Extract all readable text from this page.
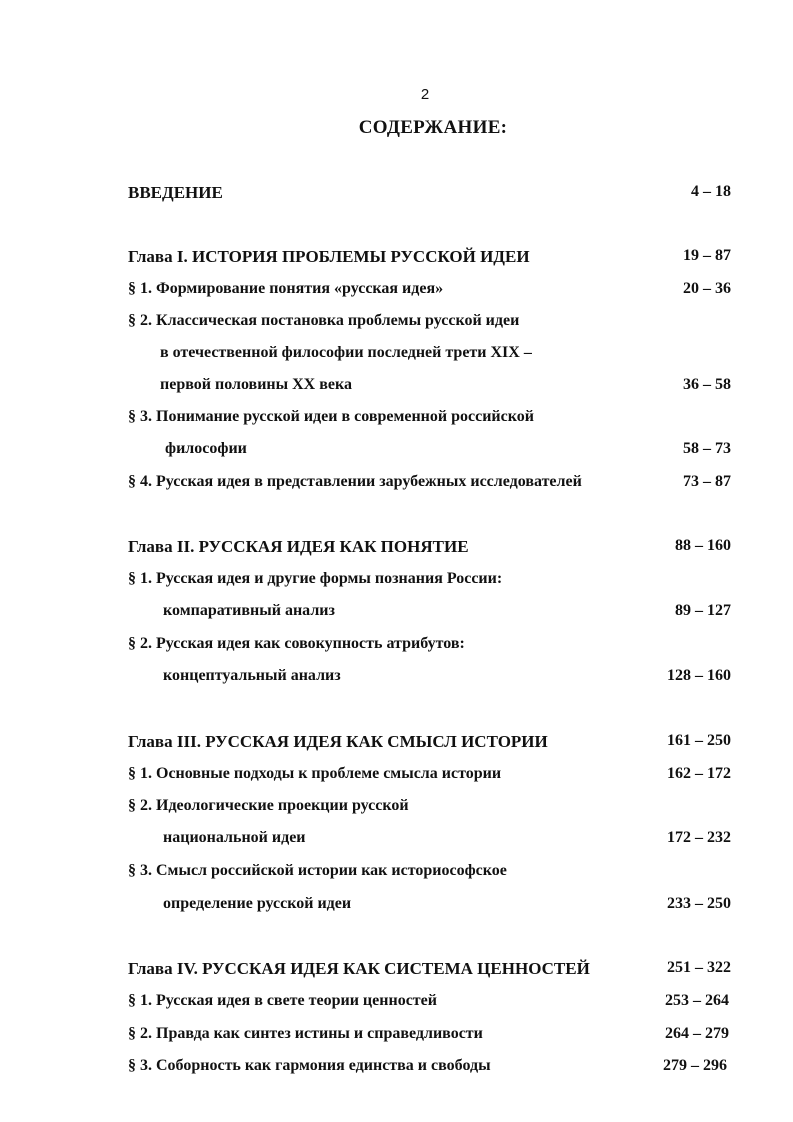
2
СОДЕРЖАНИЕ:
ВВЕДЕНИЕ	4 – 18
Глава I. ИСТОРИЯ ПРОБЛЕМЫ РУССКОЙ ИДЕИ	19 – 87
§ 1. Формирование понятия «русская идея»	20 – 36
§ 2. Классическая постановка проблемы русской идеи
в отечественной философии последней трети XIX –
первой половины XX века	36 – 58
§ 3. Понимание русской идеи в современной российской
философии	58 – 73
§ 4. Русская идея в представлении зарубежных исследователей	73 – 87
Глава II. РУССКАЯ ИДЕЯ КАК ПОНЯТИЕ	88 – 160
§ 1. Русская идея и другие формы познания России:
компаративный анализ	89 – 127
§ 2. Русская идея как совокупность атрибутов:
концептуальный анализ	128 – 160
Глава III. РУССКАЯ ИДЕЯ КАК СМЫСЛ ИСТОРИИ	161 – 250
§ 1. Основные подходы к проблеме смысла истории	162 – 172
§ 2. Идеологические проекции русской
национальной идеи	172 – 232
§ 3. Смысл российской истории как историософское
определение русской идеи	233 – 250
Глава IV. РУССКАЯ ИДЕЯ КАК СИСТЕМА ЦЕННОСТЕЙ	251 – 322
§ 1. Русская идея в свете теории ценностей	253 – 264
§ 2. Правда как синтез истины и справедливости	264 – 279
§ 3. Соборность как гармония единства и свободы	279 – 296
